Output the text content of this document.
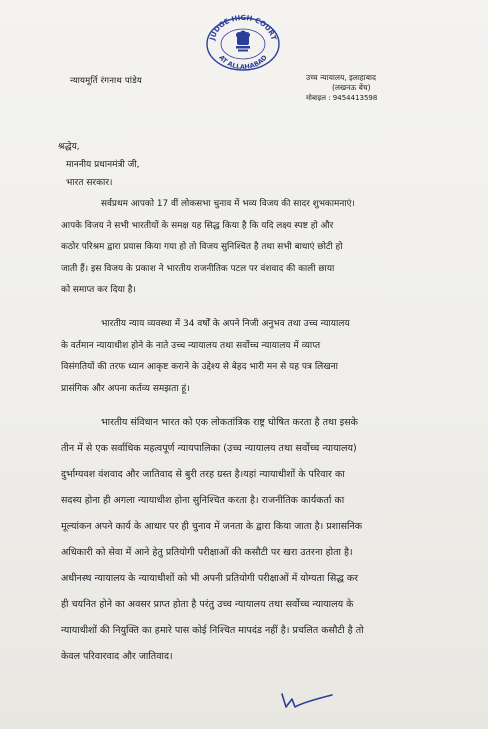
JUDGE HIGH COURT
AT ALLAHABAD
न्यायमूर्ति रंगनाथ पांडेय	उच्च न्यायालय, इलाहाबाद
(लखनऊ बेंच)
मोबाइल : 9454413598
श्रद्धेय,
माननीय प्रधानमंत्री जी,
भारत सरकार।
सर्वप्रथम आपको 17 वीं लोकसभा चुनाव में भव्य विजय की सादर शुभकामनाएं।
आपके विजय ने सभी भारतीयों के समक्ष यह सिद्ध किया है कि यदि लक्ष्य स्पष्ट हो और
कठोर परिश्रम द्वारा प्रयास किया गया हो तो विजय सुनिश्चित है तथा सभी बाधाएं छोटी हो
जाती हैं। इस विजय के प्रकाश ने भारतीय राजनीतिक पटल पर वंशवाद की काली छाया
को समाप्त कर दिया है।
भारतीय न्याय व्यवस्था में 34 वर्षों के अपने निजी अनुभव तथा उच्च न्यायालय
के वर्तमान न्यायाधीश होने के नाते उच्च न्यायालय तथा सर्वोच्च न्यायालय में व्याप्त
विसंगतियों की तरफ ध्यान आकृष्ट कराने के उद्देश्य से बेहद भारी मन से यह पत्र लिखना
प्रासंगिक और अपना कर्तव्य समझता हूं।
भारतीय संविधान भारत को एक लोकतांत्रिक राष्ट्र घोषित करता है तथा इसके
तीन में से एक सर्वाधिक महत्वपूर्ण न्यायपालिका (उच्च न्यायालय तथा सर्वोच्च न्यायालय)
दुर्भाग्यवश वंशवाद और जातिवाद से बुरी तरह ग्रस्त है।यहां न्यायाधीशों के परिवार का
सदस्य होना ही अगला न्यायाधीश होना सुनिश्चित करता है। राजनीतिक कार्यकर्ता का
मूल्यांकन अपने कार्य के आधार पर ही चुनाव में जनता के द्वारा किया जाता है। प्रशासनिक
अधिकारी को सेवा में आने हेतु प्रतियोगी परीक्षाओं की कसौटी पर खरा उतरना होता है।
अधीनस्थ न्यायालय के न्यायाधीशों को भी अपनी प्रतियोगी परीक्षाओं में योग्यता सिद्ध कर
ही चयनित होने का अवसर प्राप्त होता है परंतु उच्च न्यायालय तथा सर्वोच्च न्यायालय के
न्यायाधीशों की नियुक्ति का हमारे पास कोई निश्चित मापदंड नहीं है। प्रचलित कसौटी है तो
केवल परिवारवाद और जातिवाद।
